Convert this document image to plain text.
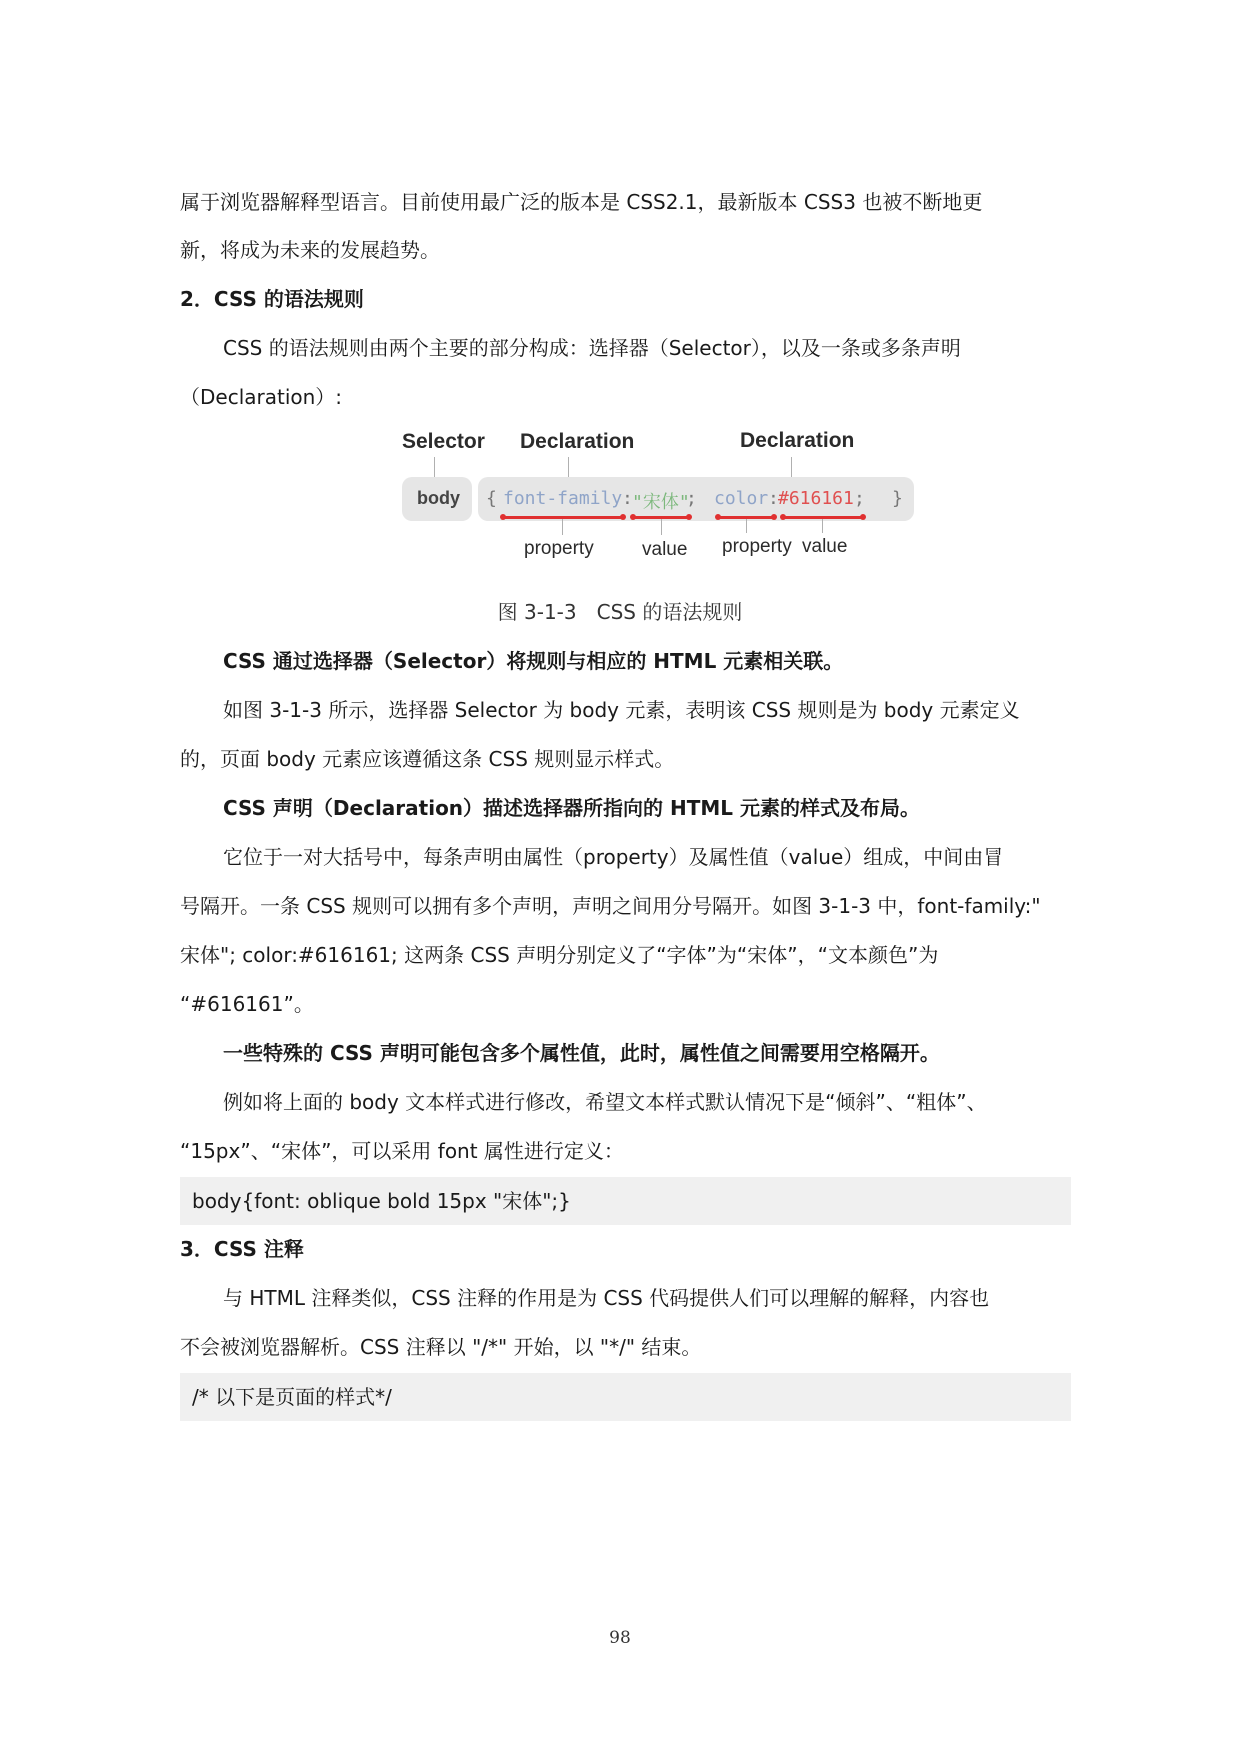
属于浏览器解释型语言。目前使用最广泛的版本是 CSS2.1，最新版本 CSS3 也被不断地更
新，将成为未来的发展趋势。
2．CSS 的语法规则
CSS 的语法规则由两个主要的部分构成：选择器（Selector），以及一条或多条声明
（Declaration）:
Selector Declaration	Declaration
body { font-family : "宋体"
; color : #616161 ; }
property	value property value
图 3-1-3　CSS 的语法规则
CSS 通过选择器（Selector）将规则与相应的 HTML 元素相关联。
如图 3-1-3 所示，选择器 Selector 为 body 元素，表明该 CSS 规则是为 body 元素定义
的，页面 body 元素应该遵循这条 CSS 规则显示样式。
CSS 声明（Declaration）描述选择器所指向的 HTML 元素的样式及布局。
它位于一对大括号中，每条声明由属性（property）及属性值（value）组成，中间由冒
号隔开。一条 CSS 规则可以拥有多个声明，声明之间用分号隔开。如图 3-1-3 中，font-family:"
宋体"; color:#616161; 这两条 CSS 声明分别定义了“字体”为“宋体”，“文本颜色”为
“#616161”。
一些特殊的 CSS 声明可能包含多个属性值，此时，属性值之间需要用空格隔开。
例如将上面的 body 文本样式进行修改，希望文本样式默认情况下是“倾斜”、“粗体”、
“15px”、“宋体”，可以采用 font 属性进行定义：
body{font: oblique bold 15px "宋体";}
3．CSS 注释
与 HTML 注释类似，CSS 注释的作用是为 CSS 代码提供人们可以理解的解释，内容也
不会被浏览器解析。CSS 注释以 "/*" 开始，以 "*/" 结束。
/* 以下是页面的样式*/
98
